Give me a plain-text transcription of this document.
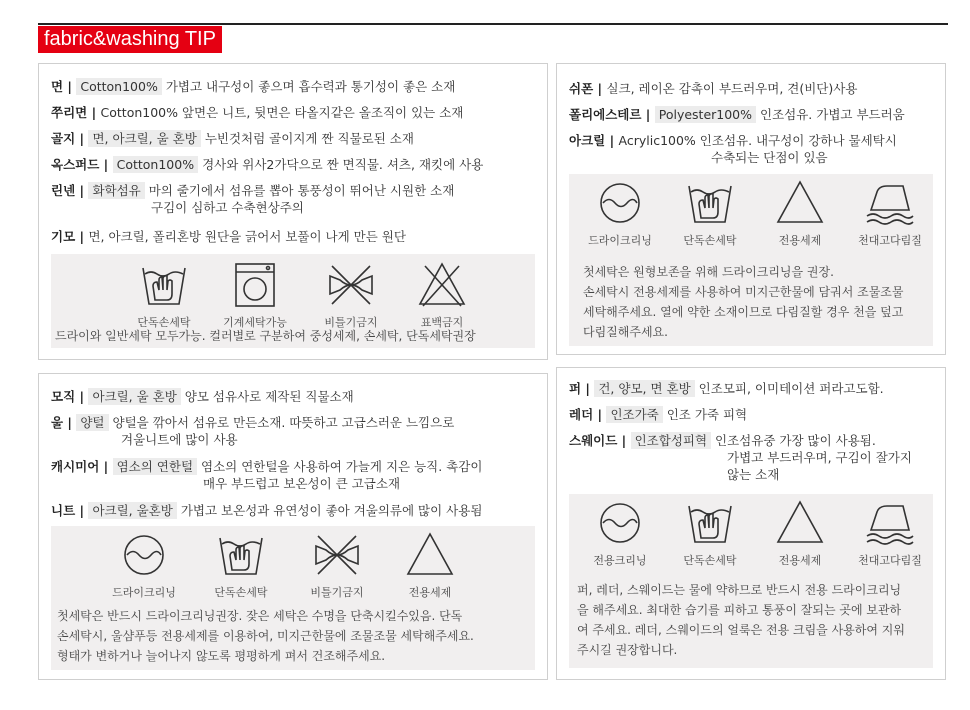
fabric&washing TIP
면 | Cotton100% 가볍고 내구성이 좋으며 흡수력과 통기성이 좋은 소재
쭈리면 | Cotton100% 앞면은 니트, 뒷면은 타올지같은 올조직이 있는 소재
골지 | 면, 아크릴, 울 혼방 누빈것처럼 골이지게 짠 직물로된 소재
옥스퍼드 | Cotton100% 경사와 위사2가닥으로 짠 면직물. 셔츠, 재킷에 사용
린넨 | 화학섬유 마의 줄기에서 섬유를 뽑아 통풍성이 뛰어난 시원한 소재
구김이 심하고 수축현상주의
기모 | 면, 아크릴, 폴리혼방 원단을 긁어서 보풀이 나게 만든 원단
단독손세탁	기계세탁가능	비틀기금지	표백금지
드라이와 일반세탁 모두가능. 컬러별로 구분하여 중성세제, 손세탁, 단독세탁권장
쉬폰 | 실크, 레이온 감촉이 부드러우며, 견(비단)사용
폴리에스테르 | Polyester100% 인조섬유. 가볍고 부드러움
아크릴 | Acrylic100% 인조섬유. 내구성이 강하나 물세탁시
수축되는 단점이 있음
드라이크리닝	단독손세탁	전용세제	천대고다림질
첫세탁은 원형보존을 위해 드라이크리닝을 권장.
손세탁시 전용세제를 사용하여 미지근한물에 담궈서 조물조물
세탁해주세요. 열에 약한 소재이므로 다림질할 경우 천을 덮고
다림질해주세요.
모직 | 아크릴, 울 혼방 양모 섬유사로 제작된 직물소재
울 | 양털 양털을 깎아서 섬유로 만든소재. 따뜻하고 고급스러운 느낌으로
겨울니트에 많이 사용
캐시미어 | 염소의 연한털 염소의 연한털을 사용하여 가늘게 지은 능직. 촉감이
매우 부드럽고 보온성이 큰 고급소재
니트 | 아크릴, 울혼방 가볍고 보온성과 유연성이 좋아 겨울의류에 많이 사용됨
드라이크리닝	단독손세탁	비틀기금지	전용세제
첫세탁은 반드시 드라이크리닝권장. 잦은 세탁은 수명을 단축시킬수있음. 단독
손세탁시, 울샴푸등 전용세제를 이용하여, 미지근한물에 조물조물 세탁해주세요.
형태가 변하거나 늘어나지 않도록 평평하게 펴서 건조해주세요.
퍼 | 건, 양모, 면 혼방 인조모피, 이미테이션 퍼라고도함.
레더 | 인조가죽 인조 가죽 피혁
스웨이드 | 인조합성피혁 인조섬유중 가장 많이 사용됨.
가볍고 부드러우며, 구김이 잘가지
않는 소재
전용크리닝	단독손세탁	전용세제	천대고다림질
퍼, 레더, 스웨이드는 물에 약하므로 반드시 전용 드라이크리닝
을 해주세요. 최대한 습기를 피하고 통풍이 잘되는 곳에 보관하
여 주세요. 레더, 스웨이드의 얼룩은 전용 크림을 사용하여 지워
주시길 권장합니다.
